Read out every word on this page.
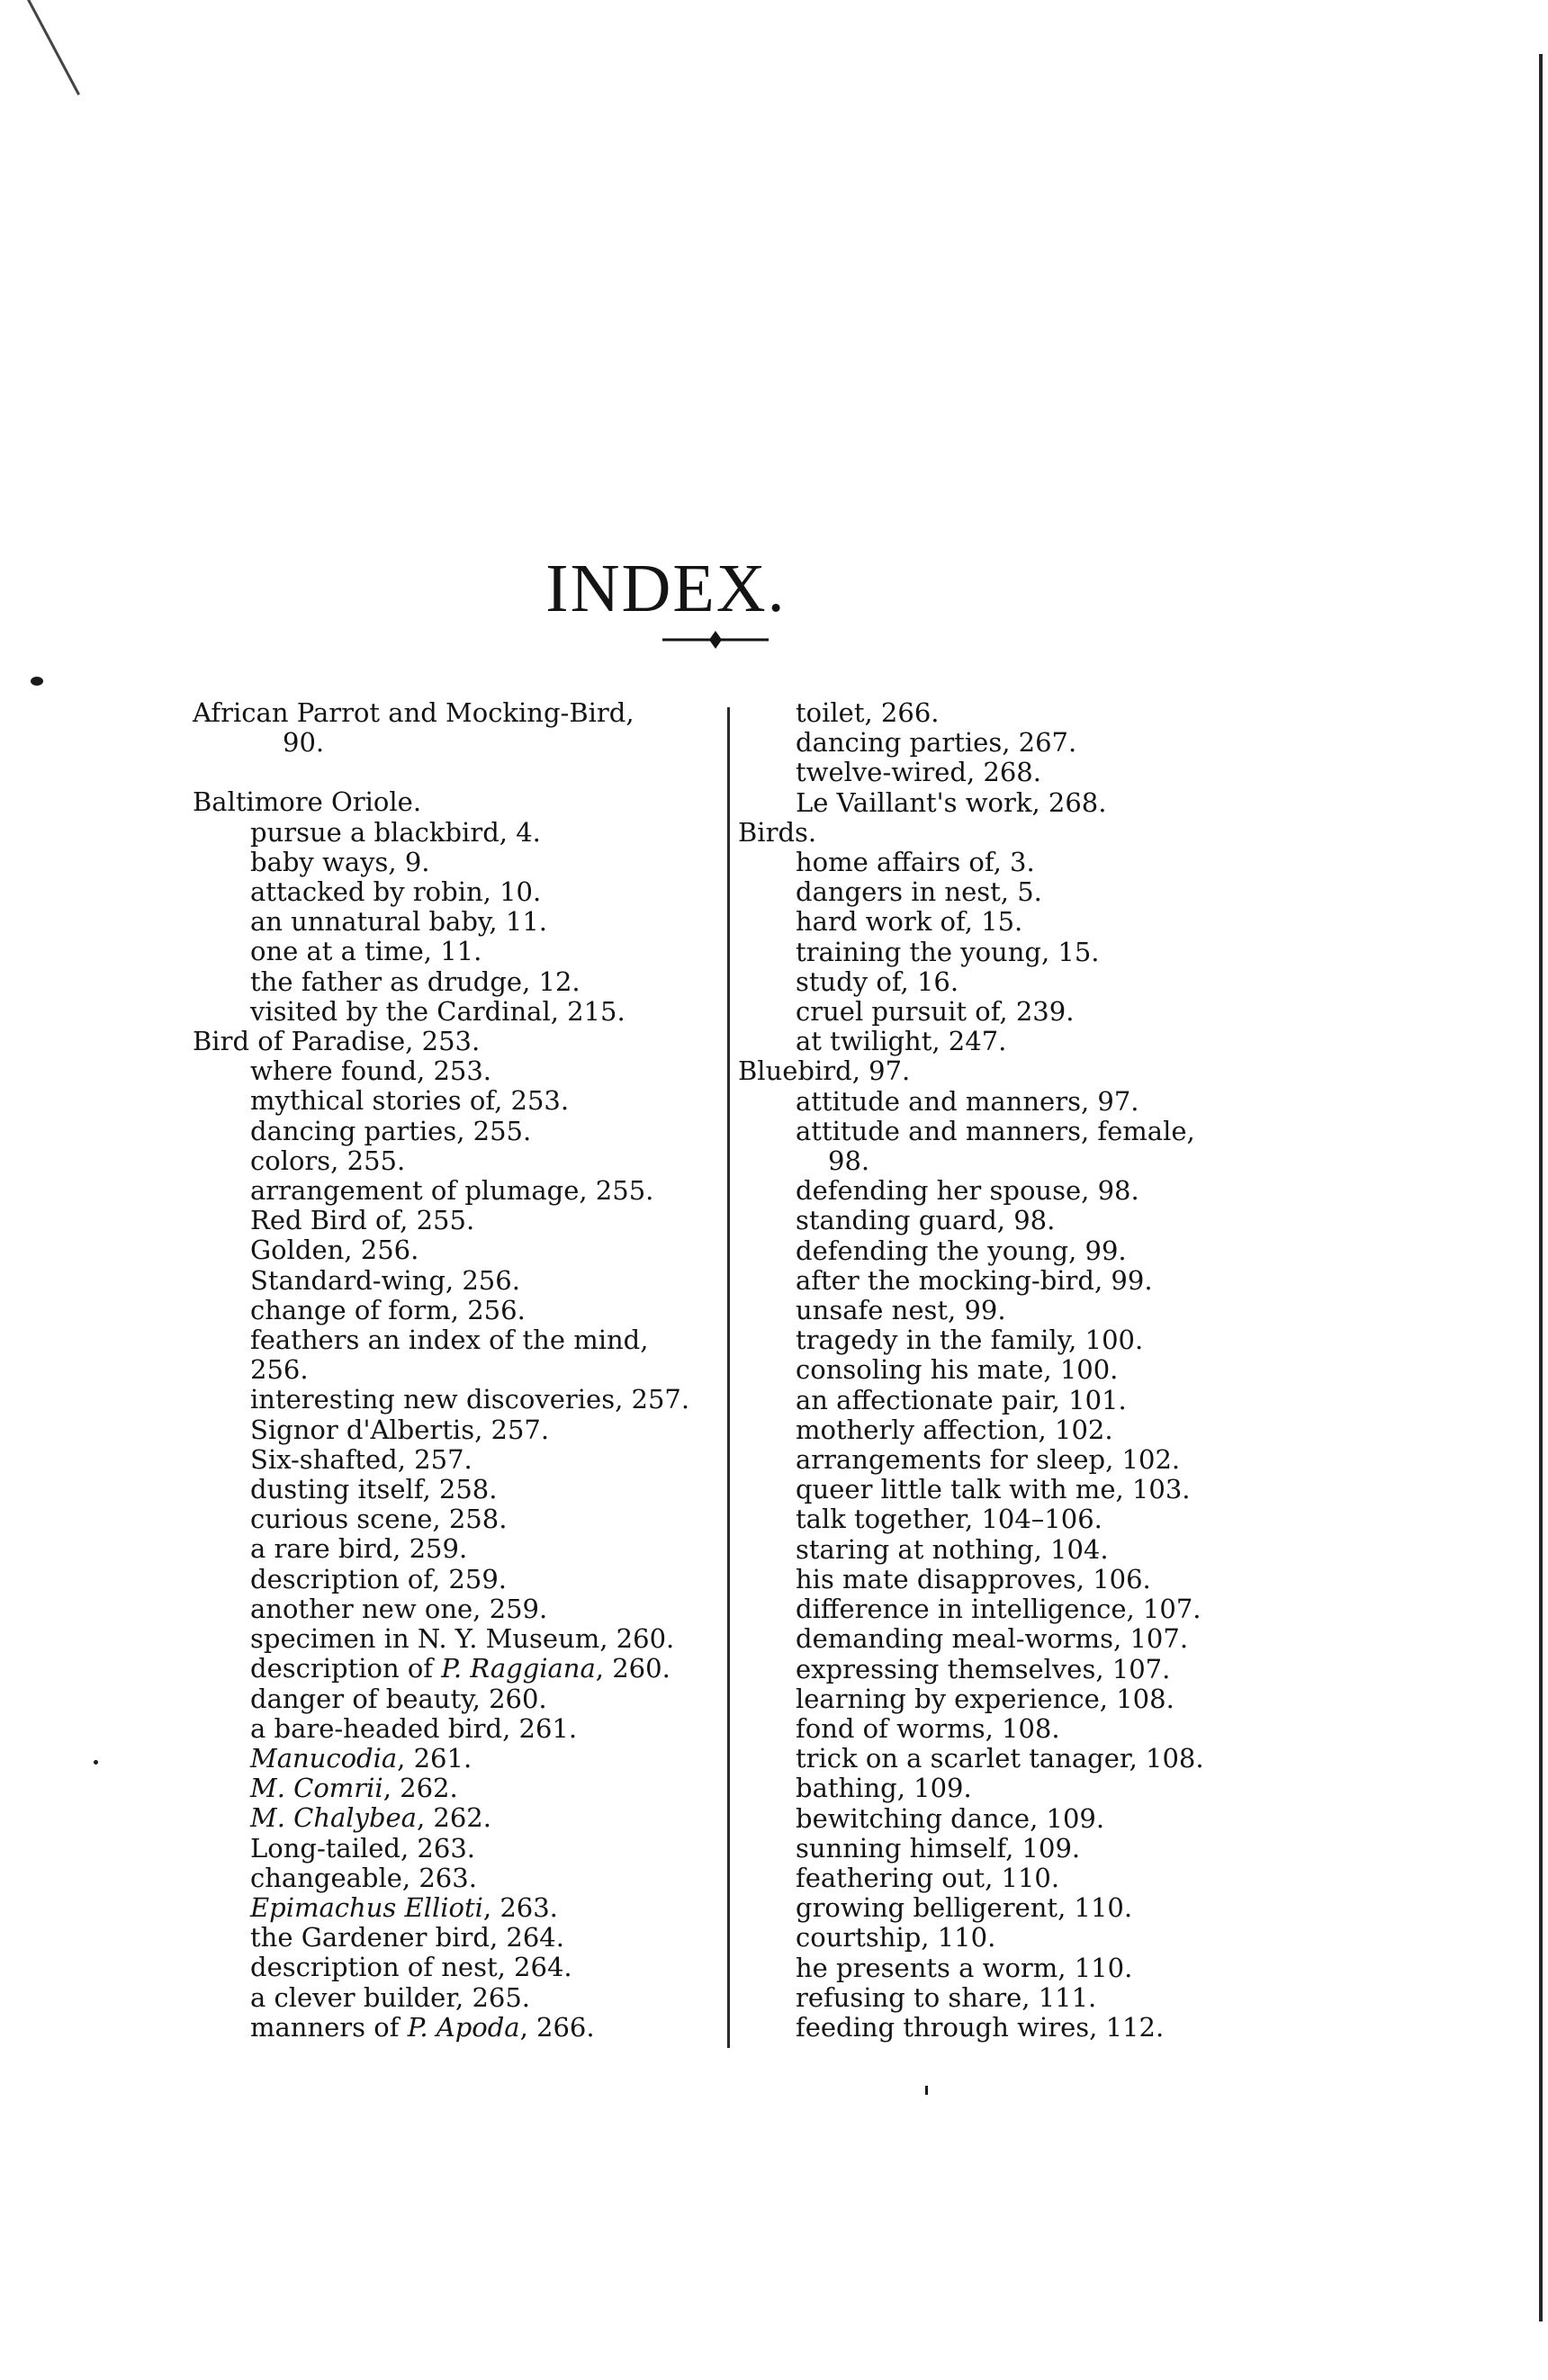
INDEX.
African Parrot and Mocking-Bird,
90.
Baltimore Oriole.
pursue a blackbird, 4.
baby ways, 9.
attacked by robin, 10.
an unnatural baby, 11.
one at a time, 11.
the father as drudge, 12.
visited by the Cardinal, 215.
Bird of Paradise, 253.
where found, 253.
mythical stories of, 253.
dancing parties, 255.
colors, 255.
arrangement of plumage, 255.
Red Bird of, 255.
Golden, 256.
Standard-wing, 256.
change of form, 256.
feathers an index of the mind,
256.
interesting new discoveries, 257.
Signor d'Albertis, 257.
Six-shafted, 257.
dusting itself, 258.
curious scene, 258.
a rare bird, 259.
description of, 259.
another new one, 259.
specimen in N. Y. Museum, 260.
description of P. Raggiana, 260.
danger of beauty, 260.
a bare-headed bird, 261.
Manucodia, 261.
M. Comrii, 262.
M. Chalybea, 262.
Long-tailed, 263.
changeable, 263.
Epimachus Ellioti, 263.
the Gardener bird, 264.
description of nest, 264.
a clever builder, 265.
manners of P. Apoda, 266.
toilet, 266.
dancing parties, 267.
twelve-wired, 268.
Le Vaillant's work, 268.
Birds.
home affairs of, 3.
dangers in nest, 5.
hard work of, 15.
training the young, 15.
study of, 16.
cruel pursuit of, 239.
at twilight, 247.
Bluebird, 97.
attitude and manners, 97.
attitude and manners, female,
98.
defending her spouse, 98.
standing guard, 98.
defending the young, 99.
after the mocking-bird, 99.
unsafe nest, 99.
tragedy in the family, 100.
consoling his mate, 100.
an affectionate pair, 101.
motherly affection, 102.
arrangements for sleep, 102.
queer little talk with me, 103.
talk together, 104–106.
staring at nothing, 104.
his mate disapproves, 106.
difference in intelligence, 107.
demanding meal-worms, 107.
expressing themselves, 107.
learning by experience, 108.
fond of worms, 108.
trick on a scarlet tanager, 108.
bathing, 109.
bewitching dance, 109.
sunning himself, 109.
feathering out, 110.
growing belligerent, 110.
courtship, 110.
he presents a worm, 110.
refusing to share, 111.
feeding through wires, 112.
